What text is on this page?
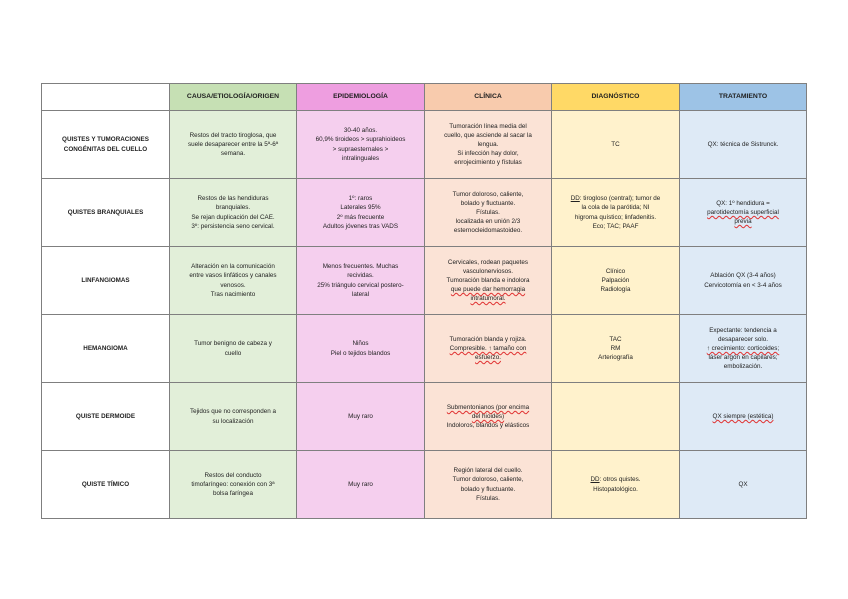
	CAUSA/ETIOLOGÍA/ORIGEN	EPIDEMIOLOGÍA	CLÍNICA	DIAGNÓSTICO	TRATAMIENTO
QUISTES Y TUMORACIONES CONGÉNITAS DEL CUELLO	Restos del tracto tiroglosa, que
suele desaparecer entre la 5ª-6ª
semana.	30-40 años.
60,9% tiroideos > suprahioideos
> supraesternales >
intralinguales	Tumoración línea media del
cuello, que asciende al sacar la
lengua.
Si infección hay dolor,
enrojecimiento y fístulas	TC	QX: técnica de Sistrunck.

QUISTES BRANQUIALES	Restos de las hendiduras
branquiales.
Se rejan duplicación del CAE.
3º: persistencia seno cervical.	1º: raros
Laterales 95%
2º más frecuente
Adultos jóvenes tras VADS	Tumor doloroso, caliente,
bolado y fluctuante.
Fístulas.
localizada en unión 2/3
esternocleidomastoideo.	DD: tirogloso (central); tumor de
la cola de la parótida; NI
higroma quístico; linfadenitis.
Eco; TAC; PAAF	QX: 1º hendidura =
parotidectomía superficial
previa

LINFANGIOMAS	Alteración en la comunicación
entre vasos linfáticos y canales
venosos.
Tras nacimiento	Menos frecuentes. Muchas
recividas.
25% triángulo cervical postero-
lateral	Cervicales, rodean paquetes
vasculonerviosos.
Tumoración blanda e indolora
que puede dar hemorragia
intratumoral.	Clínico
Palpación
Radiología	Ablación QX (3-4 años)
Cervicotomía en < 3-4 años

HEMANGIOMA	Tumor benigno de cabeza y
cuello	Niños
Piel o tejidos blandos	Tumoración blanda y rojiza.
Compresible. ↑ tamaño con
esfuerzo.	TAC
RM
Arteriografía	Expectante: tendencia a
desaparecer solo.
↑ crecimiento: corticoides;
láser argón en capilares;
embolización.

QUISTE DERMOIDE	Tejidos que no corresponden a
su localización	Muy raro	Submentonianos (por encima
del hioides)
Indoloros, blandos y elásticos		QX siempre (estética)

QUISTE TÍMICO	Restos del conducto
timofaríngeo: conexión con 3ª
bolsa faríngea	Muy raro	Región lateral del cuello.
Tumor doloroso, caliente,
bolado y fluctuante.
Fístulas.	DD: otros quistes.
Histopatológico.	QX
